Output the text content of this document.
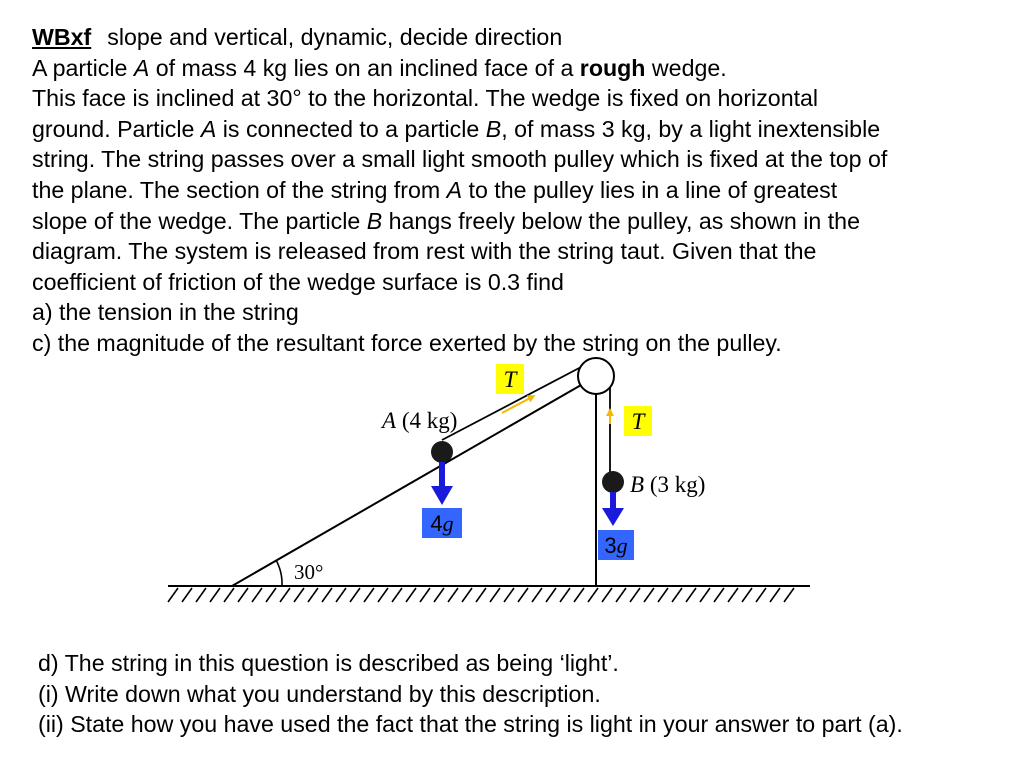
WBxf slope and vertical, dynamic, decide direction

A particle A of mass 4 kg lies on an inclined face of a rough wedge.

This face is inclined at 30° to the horizontal. The wedge is fixed on horizontal

ground. Particle A is connected to a particle B, of mass 3 kg, by a light inextensible

string. The string passes over a small light smooth pulley which is fixed at the top of

the plane. The section of the string from A to the pulley lies in a line of greatest

slope of the wedge. The particle B hangs freely below the pulley, as shown in the

diagram. The system is released from rest with the string taut. Given that the

coefficient of friction of the wedge surface is 0.3 find

a) the tension in the string

c) the magnitude of the resultant force exerted by the string on the pulley.

30°
T
T
A (4 kg)
4g
B (3 kg)
3g

d) The string in this question is described as being ‘light’.

(i) Write down what you understand by this description.

(ii) State how you have used the fact that the string is light in your answer to part (a).
